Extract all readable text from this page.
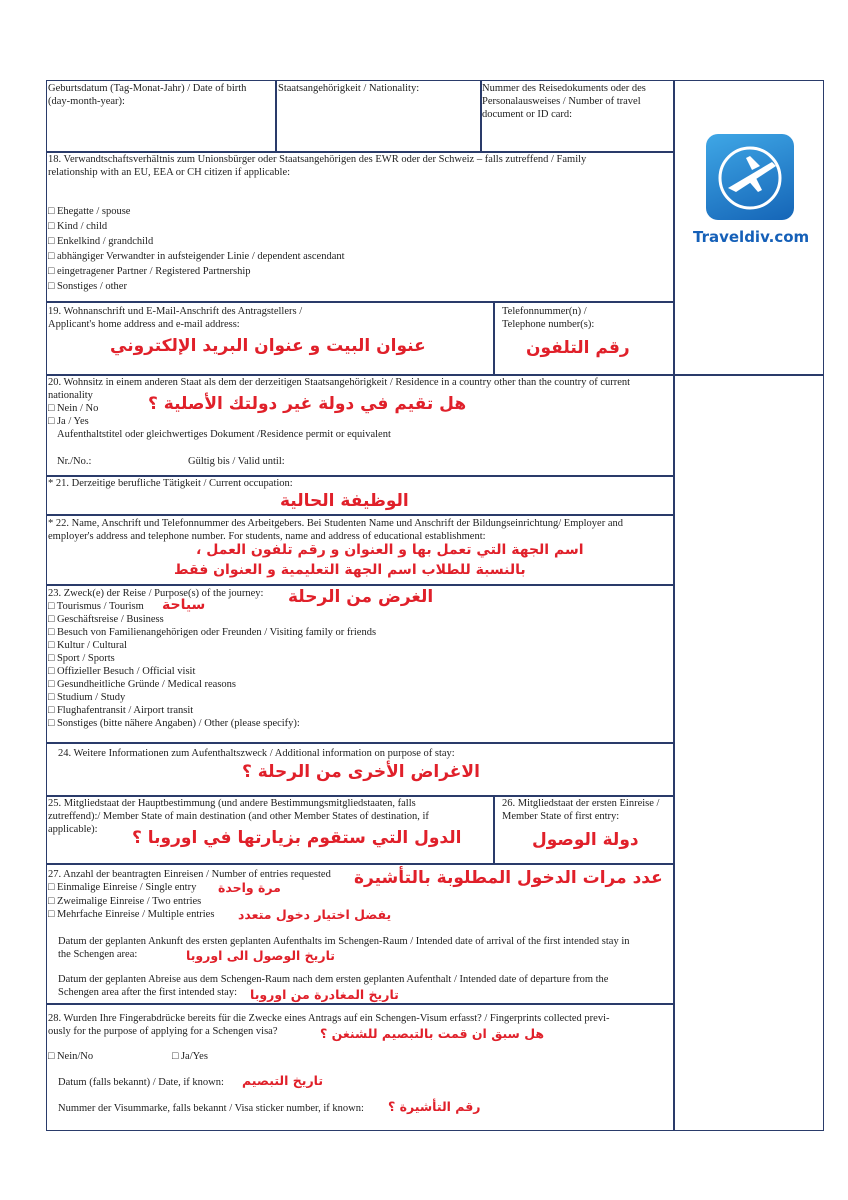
Traveldiv.com
Geburtsdatum (Tag-Monat-Jahr) / Date of birth
(day-month-year):
Staatsangehörigkeit / Nationality:	Nummer des Reisedokuments oder des
Personalausweises / Number of travel
document or ID card:
18. Verwandtschaftsverhältnis zum Unionsbürger oder Staatsangehörigen des EWR oder der Schweiz – falls zutreffend / Family
relationship with an EU, EEA or CH citizen if applicable:
□ Ehegatte / spouse
□ Kind / child
□ Enkelkind / grandchild
□ abhängiger Verwandter in aufsteigender Linie / dependent ascendant
□ eingetragener Partner / Registered Partnership
□ Sonstiges / other
19. Wohnanschrift und E-Mail-Anschrift des Antragstellers /
Applicant's home address and e-mail address:
عنوان البيت و عنوان البريد الإلكتروني
Telefonnummer(n) /
Telephone number(s):
رقم التلفون
20. Wohnsitz in einem anderen Staat als dem der derzeitigen Staatsangehörigkeit / Residence in a country other than the country of current
nationality
□ Nein / No	هل تقيم في دولة غير دولتك الأصلية ؟
□ Ja / Yes
Aufenthaltstitel oder gleichwertiges Dokument /Residence permit or equivalent
Nr./No.:	Gültig bis / Valid until:
* 21. Derzeitige berufliche Tätigkeit / Current occupation:
الوظيفة الحالية
* 22. Name, Anschrift und Telefonnummer des Arbeitgebers. Bei Studenten Name und Anschrift der Bildungseinrichtung/ Employer and
employer's address and telephone number. For students, name and address of educational establishment:
اسم الجهة التي تعمل بها و العنوان و رقم تلفون العمل ،
بالنسبة للطلاب اسم الجهة التعليمية و العنوان فقط
23. Zweck(e) der Reise / Purpose(s) of the journey: الغرض من الرحلة
□ Tourismus / Tourism
□ Geschäftsreise / Business
□ Besuch von Familienangehörigen oder Freunden / Visiting family or friends
□ Kultur / Cultural
□ Sport / Sports
□ Offizieller Besuch / Official visit
□ Gesundheitliche Gründe / Medical reasons
□ Studium / Study
□ Flughafentransit / Airport transit
□ Sonstiges (bitte nähere Angaben) / Other (please specify):
سياحة
24. Weitere Informationen zum Aufenthaltszweck / Additional information on purpose of stay:
الاغراض الأخرى من الرحلة ؟
25. Mitgliedstaat der Hauptbestimmung (und andere Bestimmungsmitgliedstaaten, falls
zutreffend):/ Member State of main destination (and other Member States of destination, if
applicable):	الدول التي ستقوم بزيارتها في اوروبا ؟
26. Mitgliedstaat der ersten Einreise /
Member State of first entry:
دولة الوصول
27. Anzahl der beantragten Einreisen / Number of entries requested عدد مرات الدخول المطلوبة بالتأشيرة
□ Einmalige Einreise / Single entry مرة واحدة
□ Zweimalige Einreise / Two entries
□ Mehrfache Einreise / Multiple entries يفضل اختيار دخول متعدد
Datum der geplanten Ankunft des ersten geplanten Aufenthalts im Schengen-Raum / Intended date of arrival of the first intended stay in
the Schengen area:	تاريخ الوصول الى اوروبا
Datum der geplanten Abreise aus dem Schengen-Raum nach dem ersten geplanten Aufenthalt / Intended date of departure from the
Schengen area after the first intended stay:	تاريخ المغادرة من اوروبا
28. Wurden Ihre Fingerabdrücke bereits für die Zwecke eines Antrags auf ein Schengen-Visum erfasst? / Fingerprints collected previ-
ously for the purpose of applying for a Schengen visa?	هل سبق ان قمت بالتبصيم للشنغن ؟
□ Nein/No	□ Ja/Yes
Datum (falls bekannt) / Date, if known: تاريخ التبصيم
Nummer der Visummarke, falls bekannt / Visa sticker number, if known: رقم التأشيرة ؟
